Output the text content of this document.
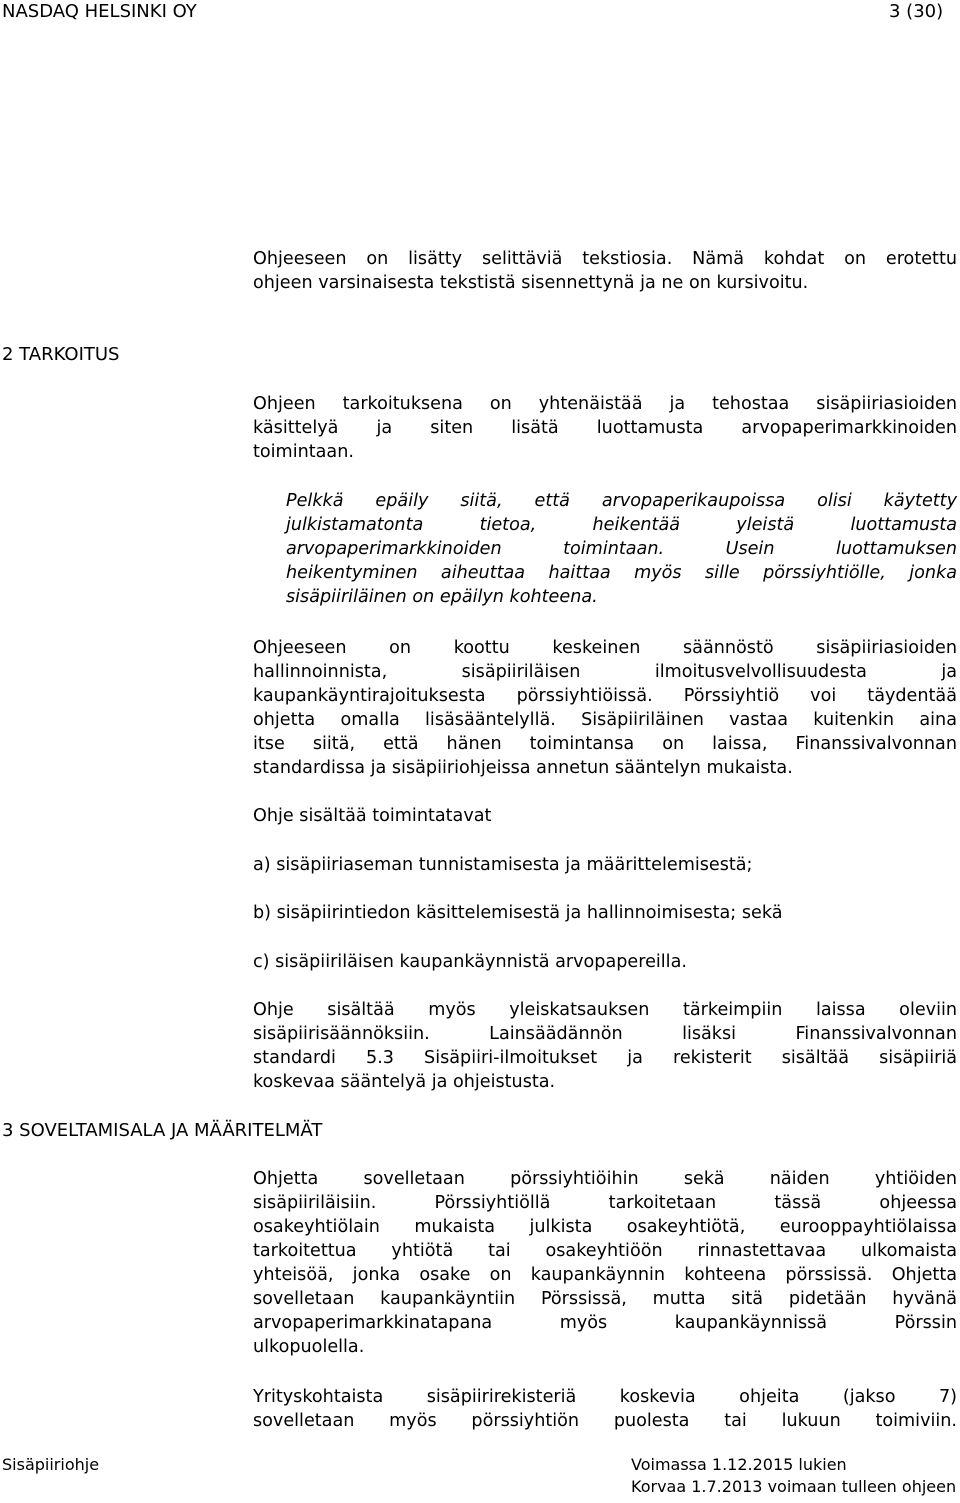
NASDAQ HELSINKI OY	3 (30)
Ohjeeseen on lisätty selittäviä tekstiosia. Nämä kohdat on erotettu
ohjeen varsinaisesta tekstistä sisennettynä ja ne on kursivoitu.
2 TARKOITUS
Ohjeen tarkoituksena on yhtenäistää ja tehostaa sisäpiiriasioiden
käsittelyä ja siten lisätä luottamusta arvopaperimarkkinoiden
toimintaan.
Pelkkä epäily siitä, että arvopaperikaupoissa olisi käytetty
julkistamatonta tietoa, heikentää yleistä luottamusta
arvopaperimarkkinoiden toimintaan. Usein luottamuksen
heikentyminen aiheuttaa haittaa myös sille pörssiyhtiölle, jonka
sisäpiiriläinen on epäilyn kohteena.
Ohjeeseen on koottu keskeinen säännöstö sisäpiiriasioiden
hallinnoinnista, sisäpiiriläisen ilmoitusvelvollisuudesta ja
kaupankäyntirajoituksesta pörssiyhtiöissä. Pörssiyhtiö voi täydentää
ohjetta omalla lisäsääntelyllä. Sisäpiiriläinen vastaa kuitenkin aina
itse siitä, että hänen toimintansa on laissa, Finanssivalvonnan
standardissa ja sisäpiiriohjeissa annetun sääntelyn mukaista.
Ohje sisältää toimintatavat
a) sisäpiiriaseman tunnistamisesta ja määrittelemisestä;
b) sisäpiirintiedon käsittelemisestä ja hallinnoimisesta; sekä
c) sisäpiiriläisen kaupankäynnistä arvopapereilla.
Ohje sisältää myös yleiskatsauksen tärkeimpiin laissa oleviin
sisäpiirisäännöksiin. Lainsäädännön lisäksi Finanssivalvonnan
standardi 5.3 Sisäpiiri-ilmoitukset ja rekisterit sisältää sisäpiiriä
koskevaa sääntelyä ja ohjeistusta.
3 SOVELTAMISALA JA MÄÄRITELMÄT
Ohjetta sovelletaan pörssiyhtiöihin sekä näiden yhtiöiden
sisäpiiriläisiin. Pörssiyhtiöllä tarkoitetaan tässä ohjeessa
osakeyhtiölain mukaista julkista osakeyhtiötä, eurooppayhtiölaissa
tarkoitettua yhtiötä tai osakeyhtiöön rinnastettavaa ulkomaista
yhteisöä, jonka osake on kaupankäynnin kohteena pörssissä. Ohjetta
sovelletaan kaupankäyntiin Pörssissä, mutta sitä pidetään hyvänä
arvopaperimarkkinatapana myös kaupankäynnissä Pörssin
ulkopuolella.
Yrityskohtaista sisäpiirirekisteriä koskevia ohjeita (jakso 7)
sovelletaan myös pörssiyhtiön puolesta tai lukuun toimiviin.
Sisäpiiriohje	Voimassa 1.12.2015 lukien
Korvaa 1.7.2013 voimaan tulleen ohjeen
